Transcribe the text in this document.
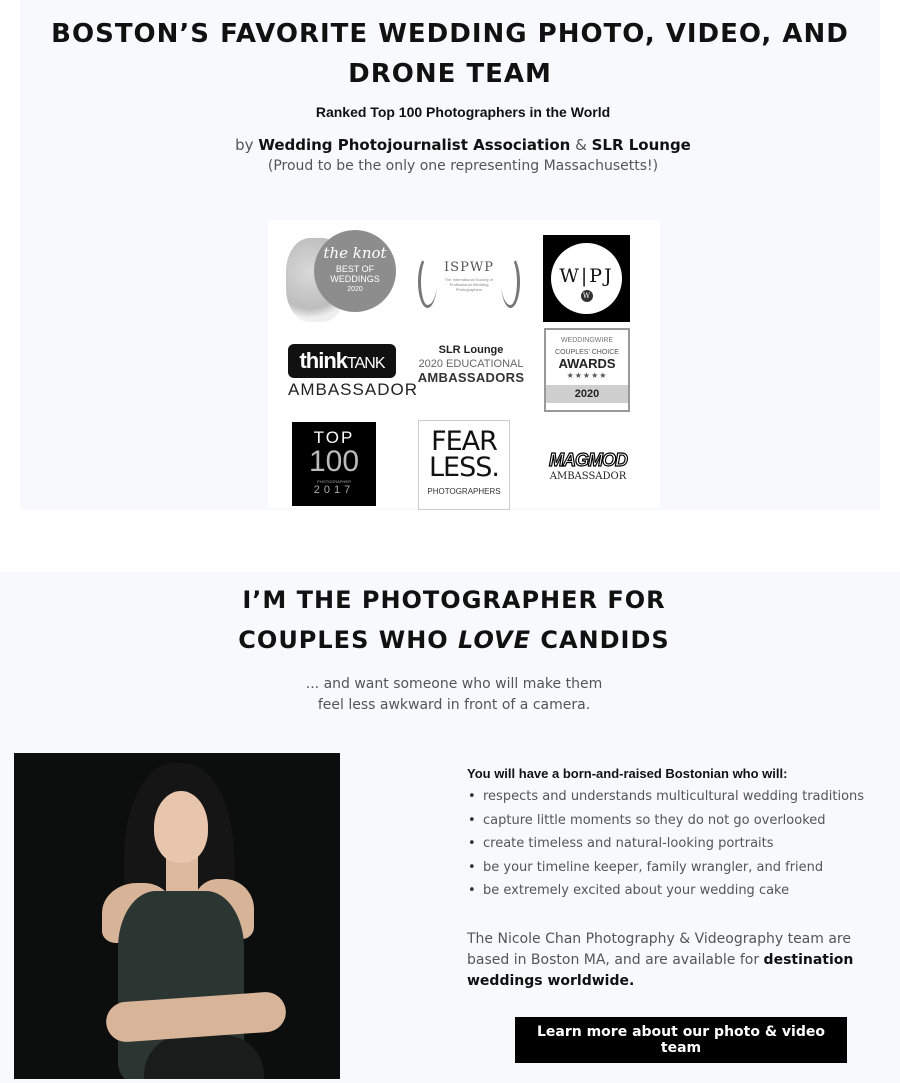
BOSTON’S FAVORITE WEDDING PHOTO, VIDEO, AND DRONE TEAM
Ranked Top 100 Photographers in the World
by Wedding Photojournalist Association & SLR Lounge
(Proud to be the only one representing Massachusetts!)
the knot
BEST OF WEDDINGS
2020
ISPWP
The International Society of Professional Wedding Photographers
W|PJ
W
thinkTANK
AMBASSADOR
SLR Lounge
2020 EDUCATIONAL
AMBASSADORS
WEDDINGWIRE
COUPLES' CHOICE
AWARDS
★★★★★
2020
TOP
100
PHOTOGRAPHER
2017
FEAR LESS.
PHOTOGRAPHERS
MAGMOD
AMBASSADOR
I’M THE PHOTOGRAPHER FOR
COUPLES WHO LOVE CANDIDS
... and want someone who will make them
feel less awkward in front of a camera.
You will have a born-and-raised Bostonian who will:
• respects and understands multicultural wedding traditions
• capture little moments so they do not go overlooked
• create timeless and natural-looking portraits
• be your timeline keeper, family wrangler, and friend
• be extremely excited about your wedding cake
The Nicole Chan Photography & Videography team are based in Boston MA, and are available for destination weddings worldwide.
Learn more about our photo & video team
